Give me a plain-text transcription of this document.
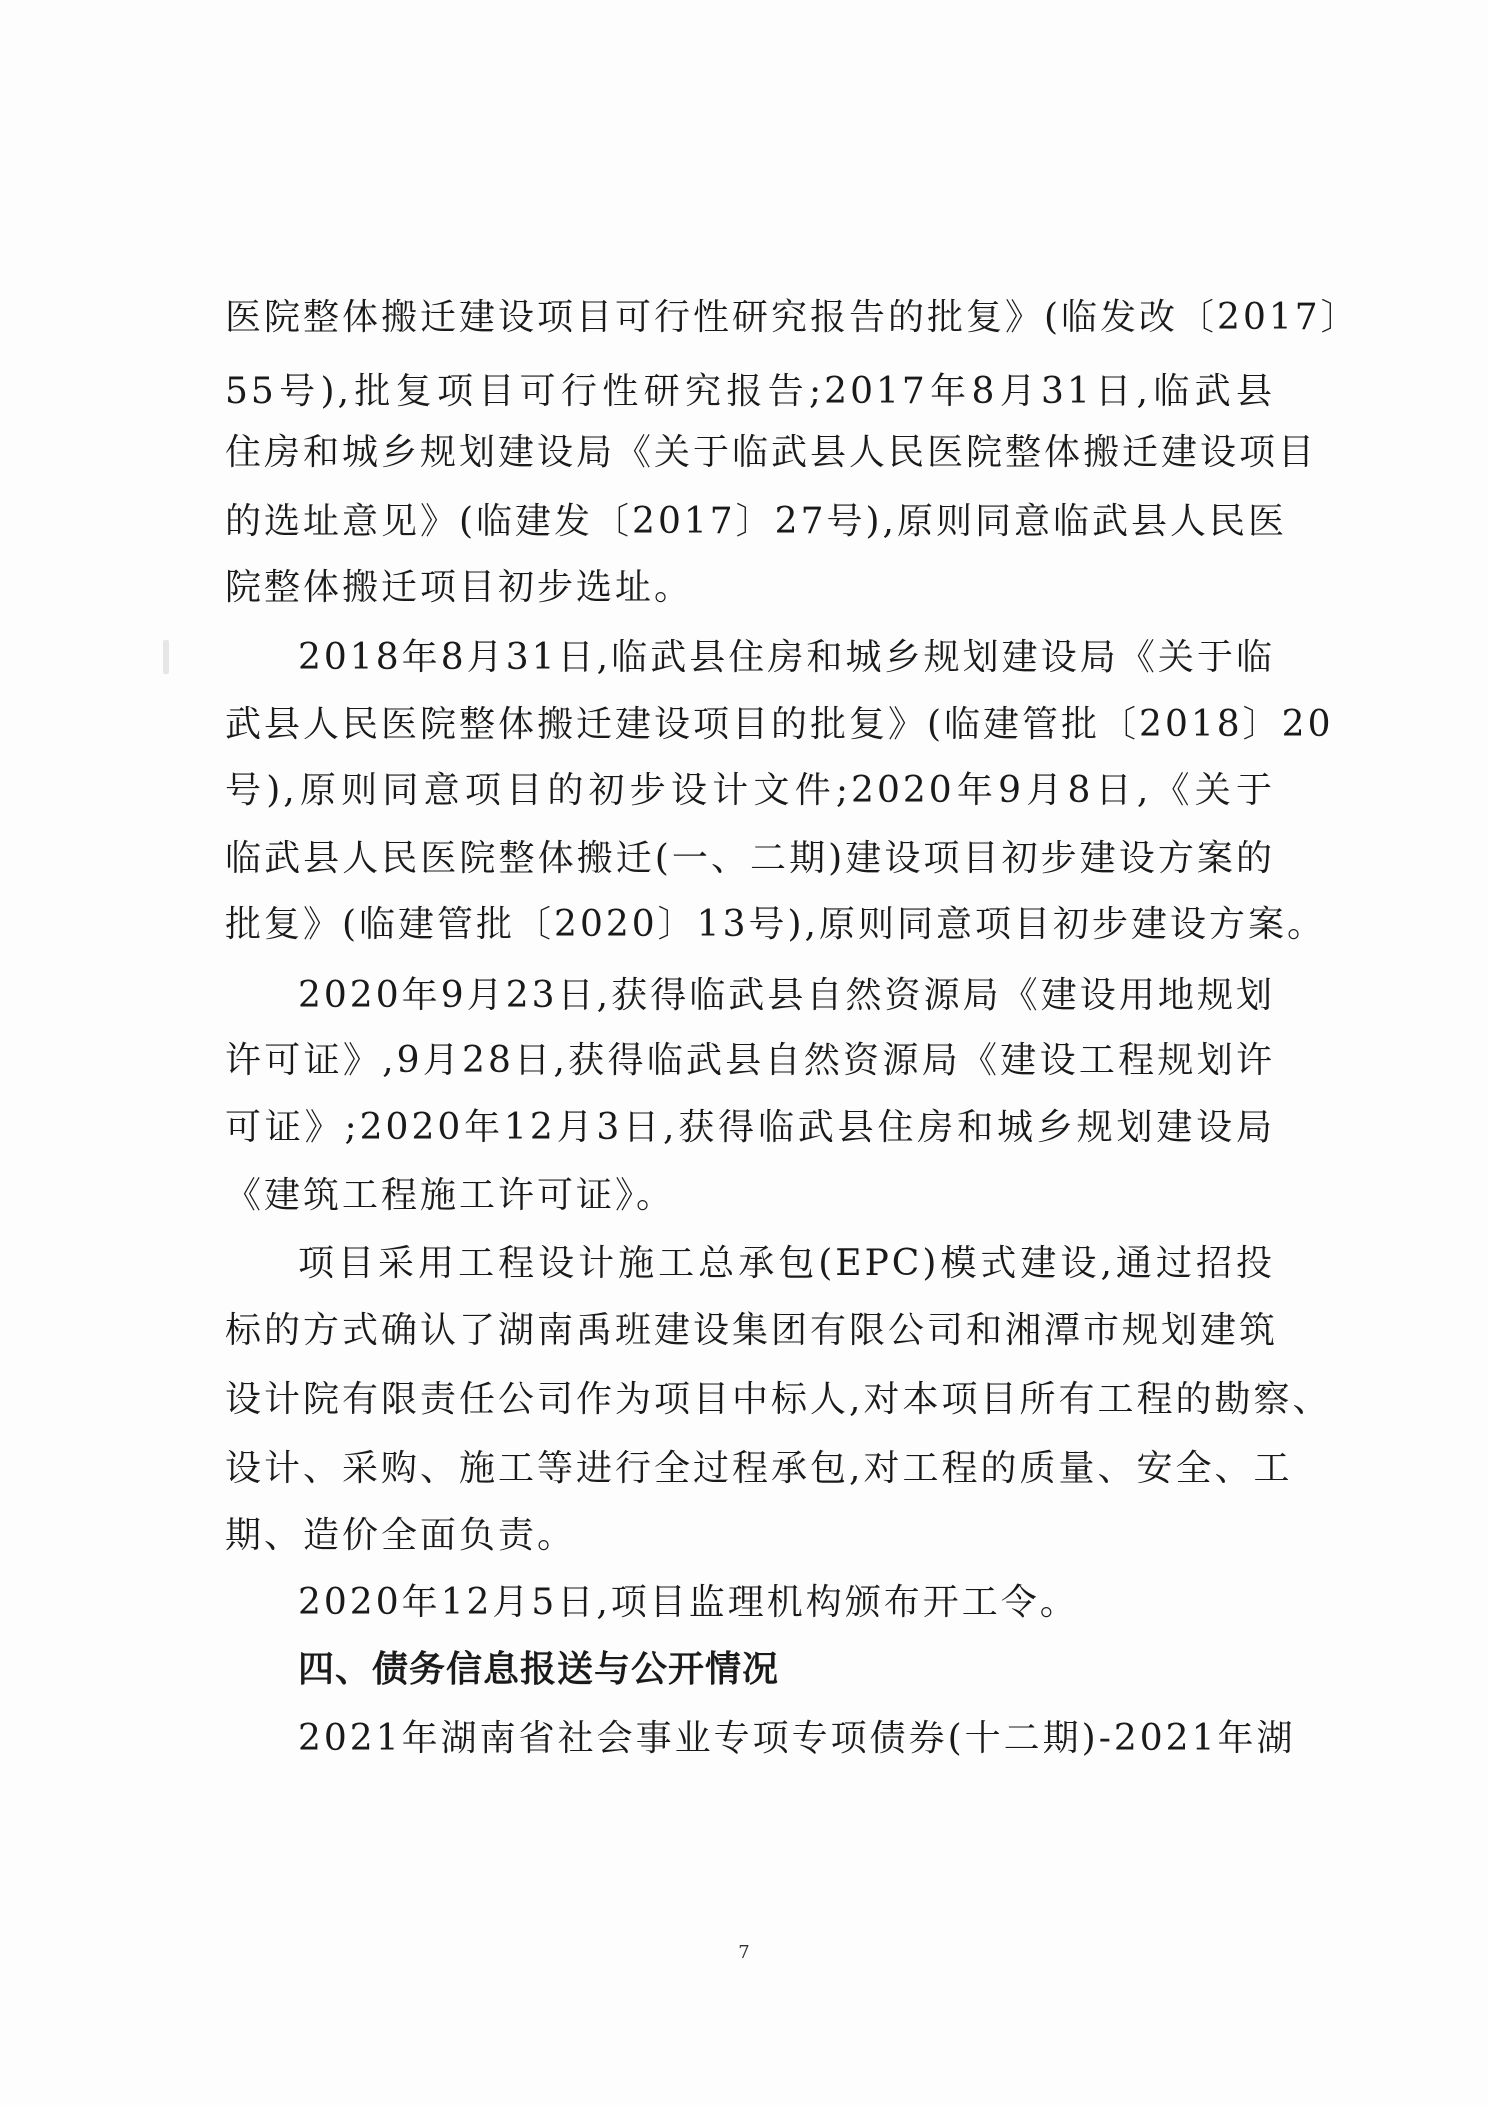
医院整体搬迁建设项目可行性研究报告的批复》(临发改〔2017〕
55号),批复项目可行性研究报告;2017年8月31日,临武县
住房和城乡规划建设局《关于临武县人民医院整体搬迁建设项目
的选址意见》(临建发〔2017〕27号),原则同意临武县人民医
院整体搬迁项目初步选址。
2018年8月31日,临武县住房和城乡规划建设局《关于临
武县人民医院整体搬迁建设项目的批复》(临建管批〔2018〕20
号),原则同意项目的初步设计文件;2020年9月8日,《关于
临武县人民医院整体搬迁(一、二期)建设项目初步建设方案的
批复》(临建管批〔2020〕13号),原则同意项目初步建设方案。
2020年9月23日,获得临武县自然资源局《建设用地规划
许可证》,9月28日,获得临武县自然资源局《建设工程规划许
可证》;2020年12月3日,获得临武县住房和城乡规划建设局
《建筑工程施工许可证》。
项目采用工程设计施工总承包(EPC)模式建设,通过招投
标的方式确认了湖南禹班建设集团有限公司和湘潭市规划建筑
设计院有限责任公司作为项目中标人,对本项目所有工程的勘察、
设计、采购、施工等进行全过程承包,对工程的质量、安全、工
期、造价全面负责。
2020年12月5日,项目监理机构颁布开工令。
四、债务信息报送与公开情况
2021年湖南省社会事业专项专项债券(十二期)-2021年湖
7
